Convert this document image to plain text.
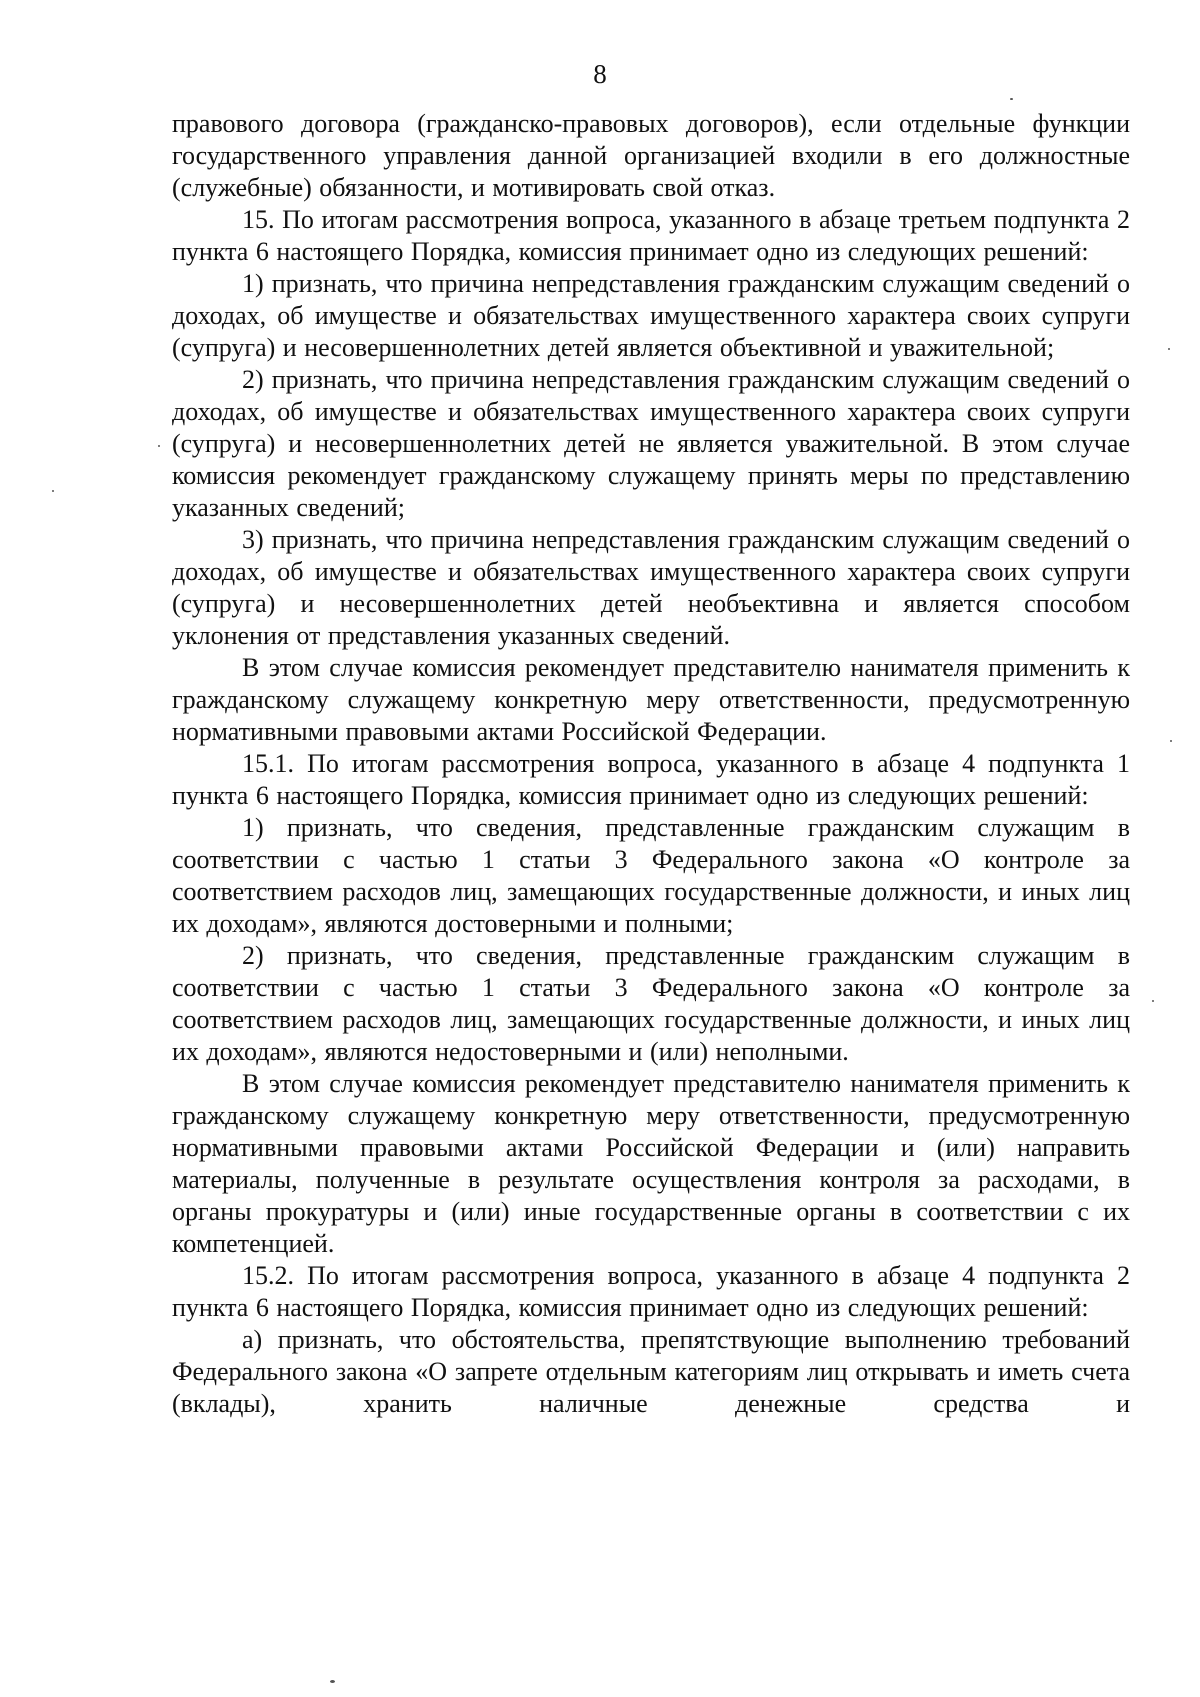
8

правового договора (гражданско-правовых договоров), если отдельные функции государственного управления данной организацией входили в его должностные (служебные) обязанности, и мотивировать свой отказ.

15. По итогам рассмотрения вопроса, указанного в абзаце третьем подпункта 2 пункта 6 настоящего Порядка, комиссия принимает одно из следующих решений:

1) признать, что причина непредставления гражданским служащим сведений о доходах, об имуществе и обязательствах имущественного характера своих супруги (супруга) и несовершеннолетних детей является объективной и уважительной;

2) признать, что причина непредставления гражданским служащим сведений о доходах, об имуществе и обязательствах имущественного характера своих супруги (супруга) и несовершеннолетних детей не является уважительной. В этом случае комиссия рекомендует гражданскому служащему принять меры по представлению указанных сведений;

3) признать, что причина непредставления гражданским служащим сведений о доходах, об имуществе и обязательствах имущественного характера своих супруги (супруга) и несовершеннолетних детей необъективна и является способом уклонения от представления указанных сведений.

В этом случае комиссия рекомендует представителю нанимателя применить к гражданскому служащему конкретную меру ответственности, предусмотренную нормативными правовыми актами Российской Федерации.

15.1. По итогам рассмотрения вопроса, указанного в абзаце 4 подпункта 1 пункта 6 настоящего Порядка, комиссия принимает одно из следующих решений:

1) признать, что сведения, представленные гражданским служащим в соответствии с частью 1 статьи 3 Федерального закона «О контроле за соответствием расходов лиц, замещающих государственные должности, и иных лиц их доходам», являются достоверными и полными;

2) признать, что сведения, представленные гражданским служащим в соответствии с частью 1 статьи 3 Федерального закона «О контроле за соответствием расходов лиц, замещающих государственные должности, и иных лиц их доходам», являются недостоверными и (или) неполными.

В этом случае комиссия рекомендует представителю нанимателя применить к гражданскому служащему конкретную меру ответственности, предусмотренную нормативными правовыми актами Российской Федерации и (или) направить материалы, полученные в результате осуществления контроля за расходами, в органы прокуратуры и (или) иные государственные органы в соответствии с их компетенцией.

15.2. По итогам рассмотрения вопроса, указанного в абзаце 4 подпункта 2 пункта 6 настоящего Порядка, комиссия принимает одно из следующих решений:

а) признать, что обстоятельства, препятствующие выполнению требований Федерального закона «О запрете отдельным категориям лиц открывать и иметь счета (вклады), хранить наличные денежные средства и
